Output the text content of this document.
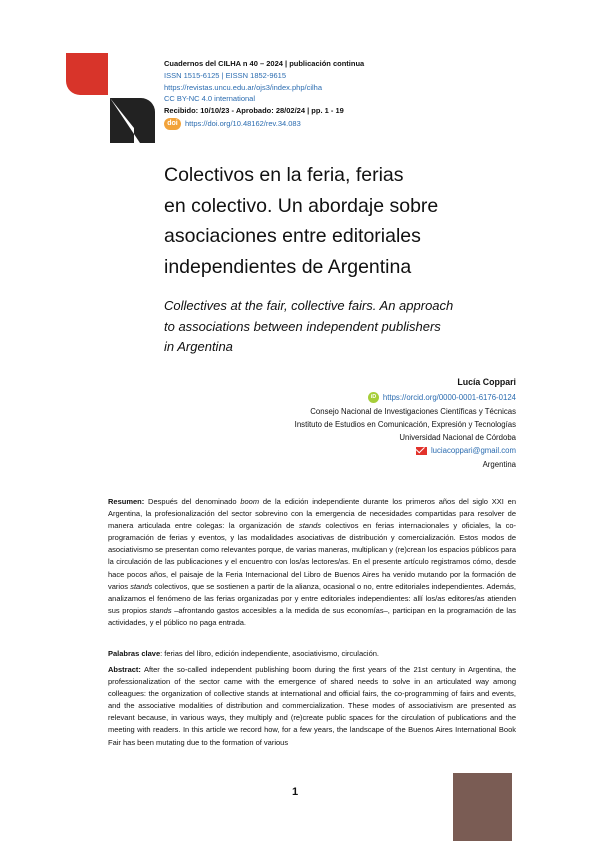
Cuadernos del CILHA n 40 – 2024 | publicación continua
ISSN 1515-6125 | EISSN 1852-9615
https://revistas.uncu.edu.ar/ojs3/index.php/cilha
CC BY-NC 4.0 international
Recibido: 10/10/23 - Aprobado: 28/02/24 | pp. 1 - 19
doi https://doi.org/10.48162/rev.34.083
Colectivos en la feria, ferias
en colectivo. Un abordaje sobre
asociaciones entre editoriales
independientes de Argentina
Collectives at the fair, collective fairs. An approach
to associations between independent publishers
in Argentina
Lucía Coppari
iD https://orcid.org/0000-0001-6176-0124
Consejo Nacional de Investigaciones Científicas y Técnicas
Instituto de Estudios en Comunicación, Expresión y Tecnologías
Universidad Nacional de Córdoba
luciacoppari@gmail.com
Argentina
Resumen: Después del denominado boom de la edición independiente durante los primeros años del siglo XXI en Argentina, la profesionalización del sector sobrevino con la emergencia de necesidades compartidas para resolver de manera articulada entre colegas: la organización de stands colectivos en ferias internacionales y oficiales, la co-programación de ferias y eventos, y las modalidades asociativas de distribución y comercialización. Estos modos de asociativismo se presentan como relevantes porque, de varias maneras, multiplican y (re)crean los espacios públicos para la circulación de las publicaciones y el encuentro con los/as lectores/as. En el presente artículo registramos cómo, desde hace pocos años, el paisaje de la Feria Internacional del Libro de Buenos Aires ha venido mutando por la formación de varios stands colectivos, que se sostienen a partir de la alianza, ocasional o no, entre editoriales independientes. Además, analizamos el fenómeno de las ferias organizadas por y entre editoriales independientes: allí los/as editores/as atienden sus propios stands –afrontando gastos accesibles a la medida de sus economías–, participan en la programación de las actividades, y el público no paga entrada.
Palabras clave: ferias del libro, edición independiente, asociativismo, circulación.
Abstract: After the so-called independent publishing boom during the first years of the 21st century in Argentina, the professionalization of the sector came with the emergence of shared needs to solve in an articulated way among colleagues: the organization of collective stands at international and official fairs, the co-programming of fairs and events, and the associative modalities of distribution and commercialization. These modes of associativism are presented as relevant because, in various ways, they multiply and (re)create public spaces for the circulation of publications and the meeting with readers. In this article we record how, for a few years, the landscape of the Buenos Aires International Book Fair has been mutating due to the formation of various
1
